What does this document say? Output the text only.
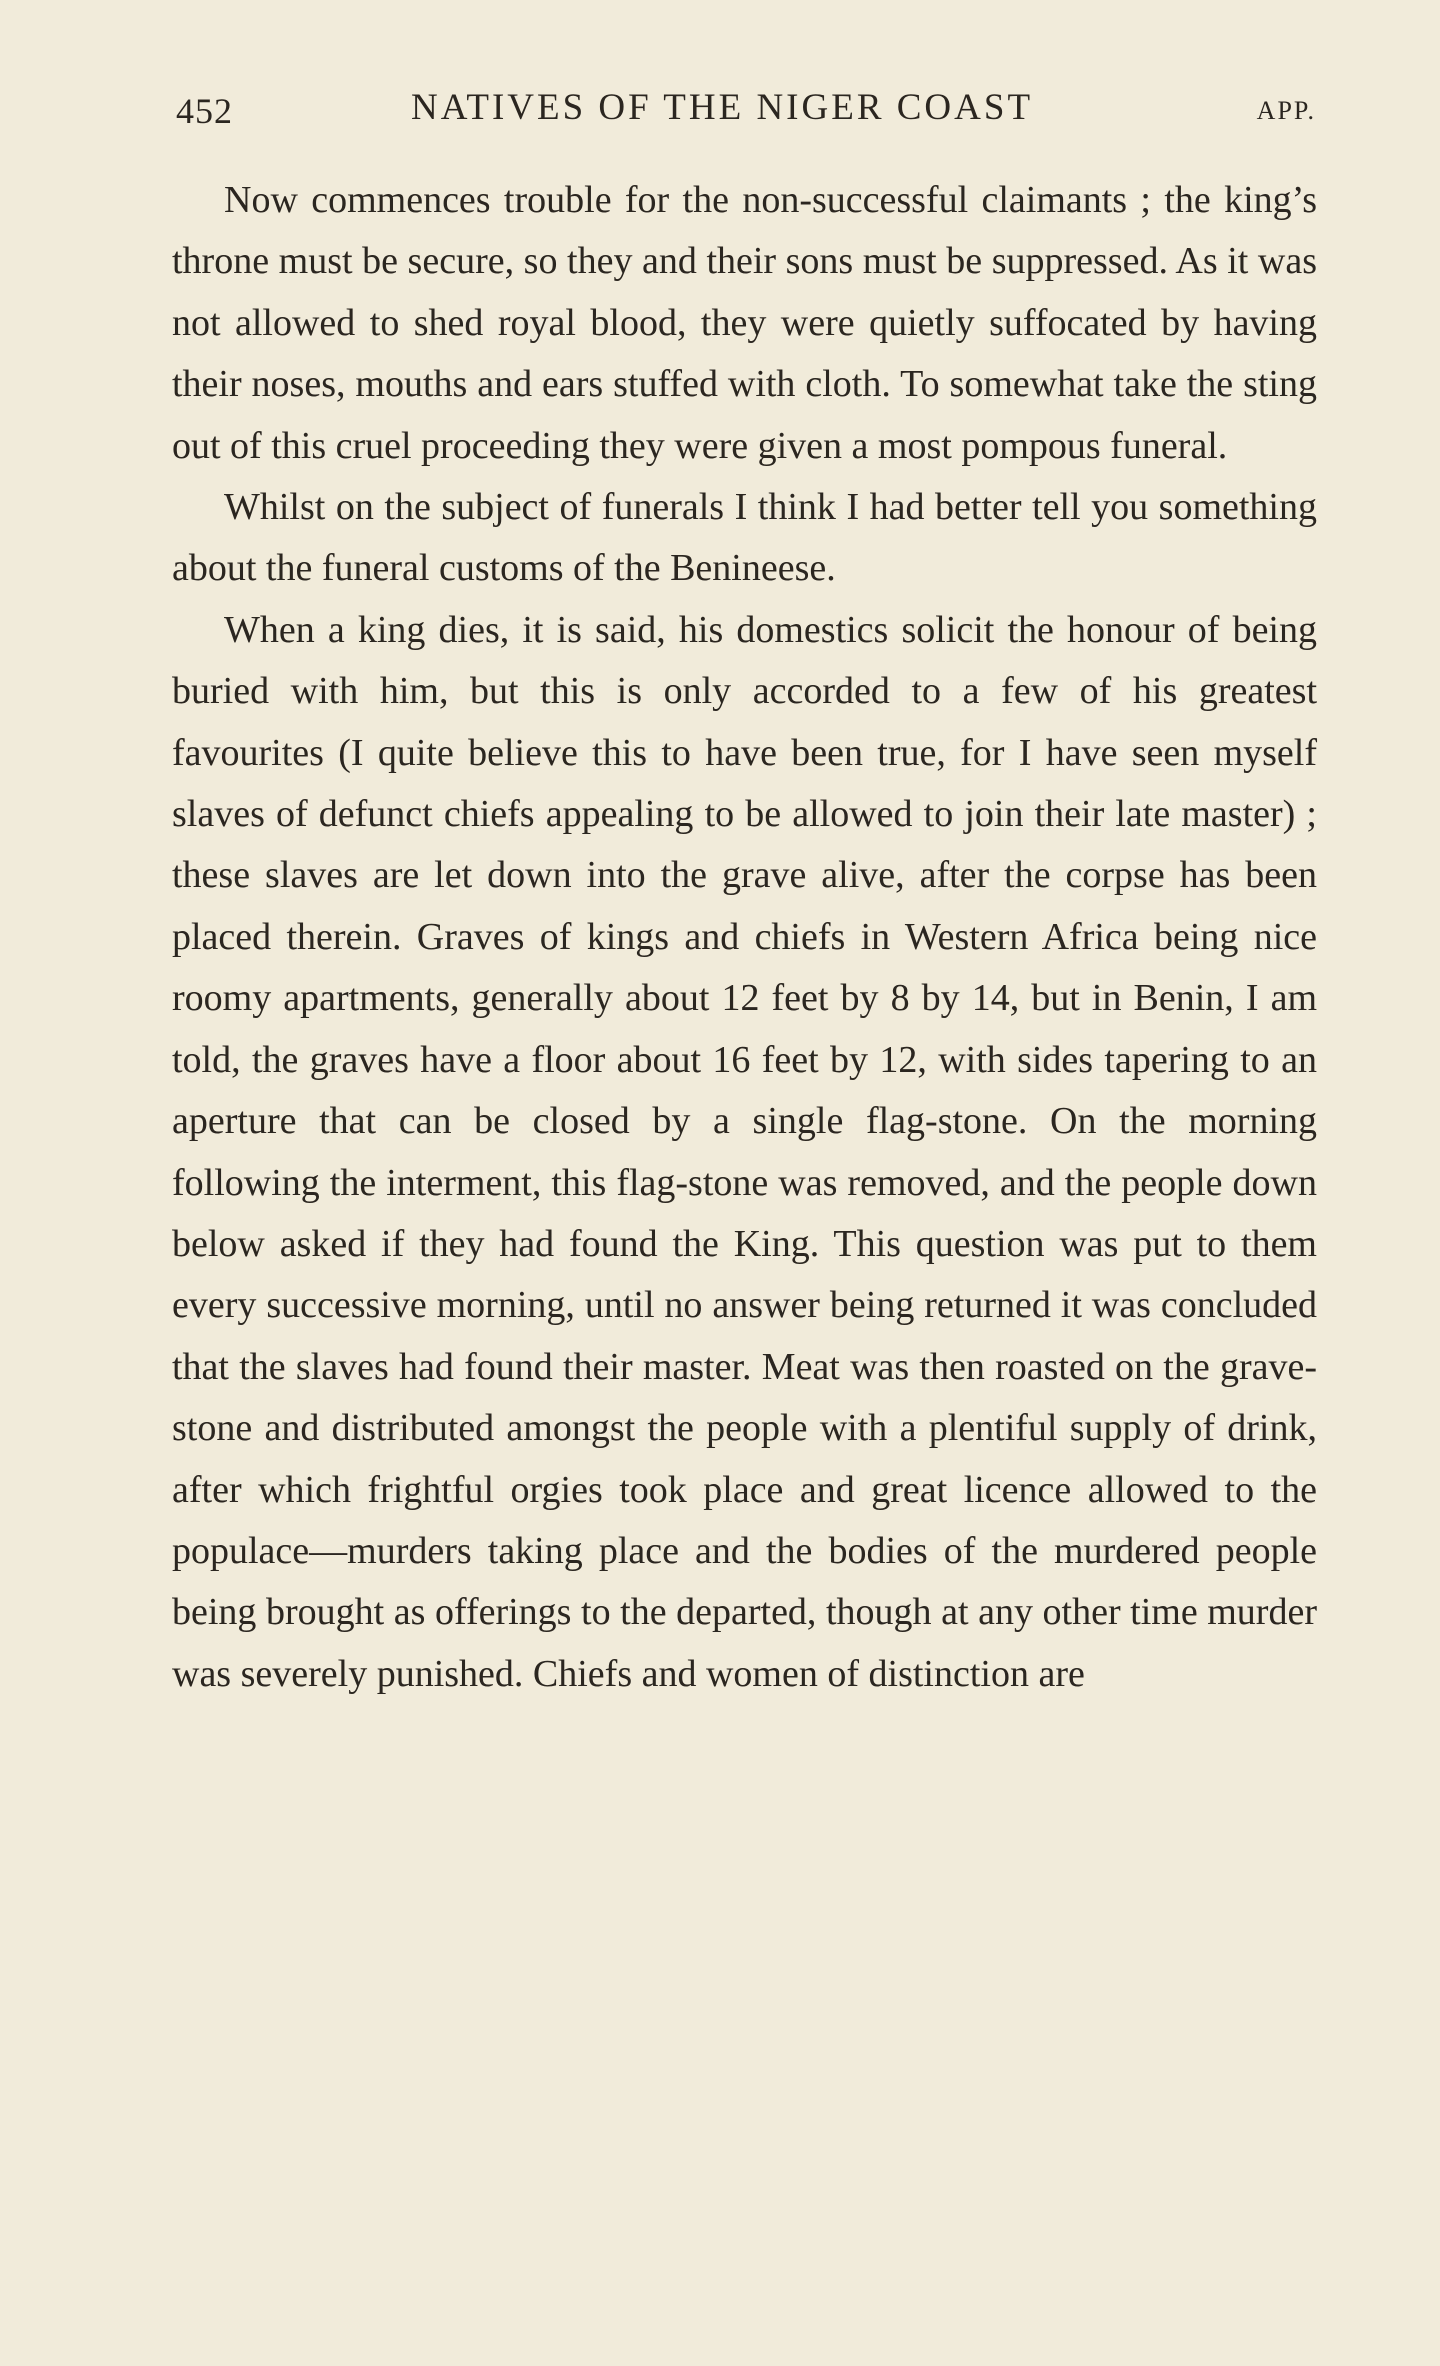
452	NATIVES OF THE NIGER COAST	APP.

Now commences trouble for the non-successful claimants ; the king’s throne must be secure, so they and their sons must be suppressed. As it was not allowed to shed royal blood, they were quietly suffocated by having their noses, mouths and ears stuffed with cloth. To somewhat take the sting out of this cruel proceeding they were given a most pompous funeral.

Whilst on the subject of funerals I think I had better tell you something about the funeral customs of the Benineese.

When a king dies, it is said, his domestics solicit the honour of being buried with him, but this is only accorded to a few of his greatest favourites (I quite believe this to have been true, for I have seen myself slaves of defunct chiefs appealing to be allowed to join their late master) ; these slaves are let down into the grave alive, after the corpse has been placed therein. Graves of kings and chiefs in Western Africa being nice roomy apartments, generally about 12 feet by 8 by 14, but in Benin, I am told, the graves have a floor about 16 feet by 12, with sides tapering to an aperture that can be closed by a single flag-stone. On the morning following the interment, this flag-stone was removed, and the people down below asked if they had found the King. This question was put to them every successive morning, until no answer being returned it was concluded that the slaves had found their master. Meat was then roasted on the grave-stone and distributed amongst the people with a plentiful supply of drink, after which frightful orgies took place and great licence allowed to the populace—murders taking place and the bodies of the murdered people being brought as offerings to the departed, though at any other time murder was severely punished. Chiefs and women of distinction are
